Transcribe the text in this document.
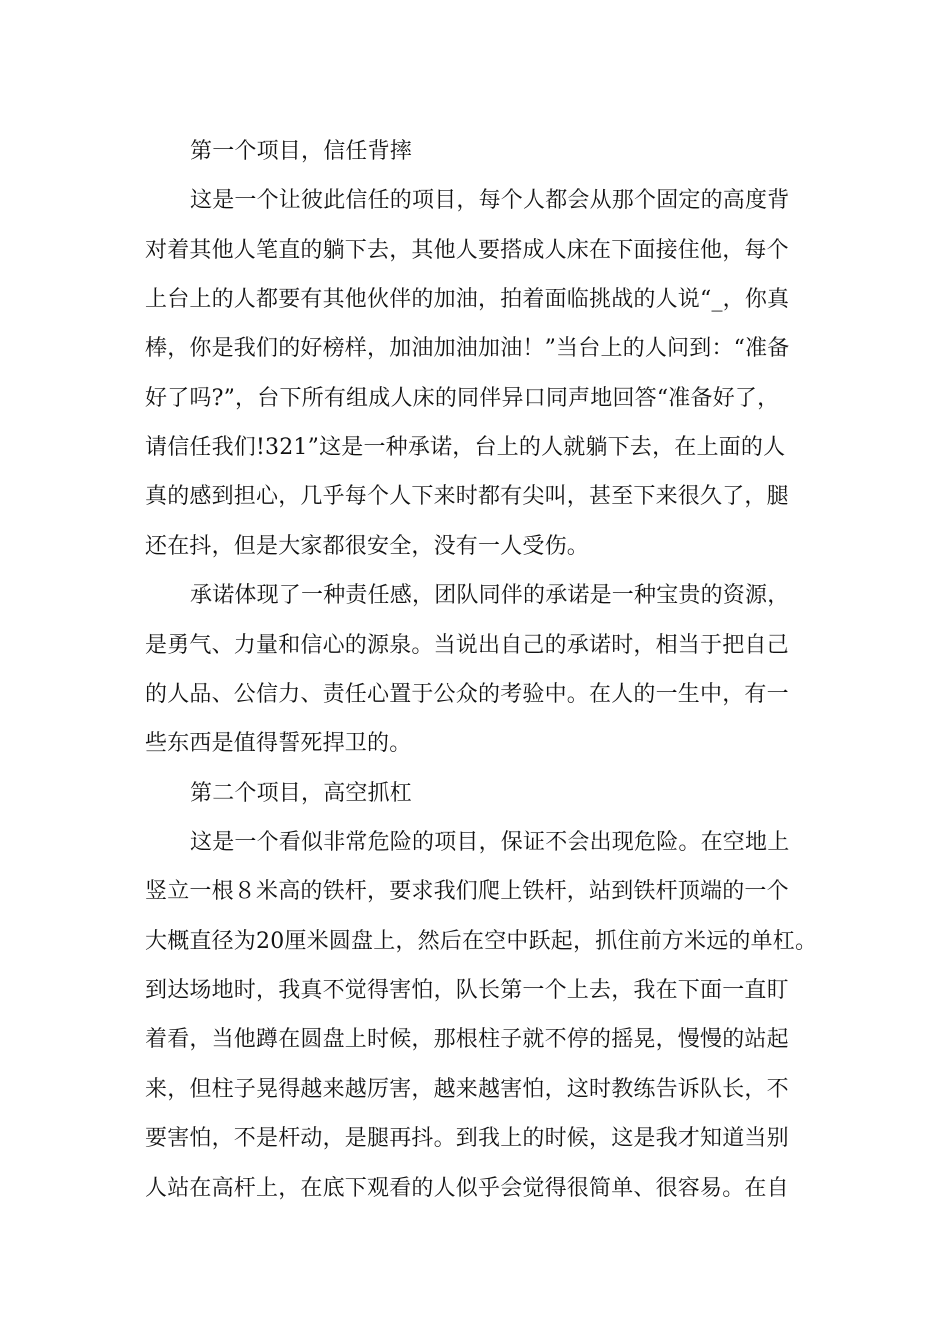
第一个项目，信任背摔
这是一个让彼此信任的项目，每个人都会从那个固定的高度背
对着其他人笔直的躺下去，其他人要搭成人床在下面接住他，每个
上台上的人都要有其他伙伴的加油，拍着面临挑战的人说“_，你真
棒，你是我们的好榜样，加油加油加油！”当台上的人问到：“准备
好了吗?”，台下所有组成人床的同伴异口同声地回答“准备好了，
请信任我们!321”这是一种承诺，台上的人就躺下去，在上面的人
真的感到担心，几乎每个人下来时都有尖叫，甚至下来很久了，腿
还在抖，但是大家都很安全，没有一人受伤。
承诺体现了一种责任感，团队同伴的承诺是一种宝贵的资源，
是勇气、力量和信心的源泉。当说出自己的承诺时，相当于把自己
的人品、公信力、责任心置于公众的考验中。在人的一生中，有一
些东西是值得誓死捍卫的。
第二个项目，高空抓杠
这是一个看似非常危险的项目，保证不会出现危险。在空地上
竖立一根８米高的铁杆，要求我们爬上铁杆，站到铁杆顶端的一个
大概直径为20厘米圆盘上，然后在空中跃起，抓住前方米远的单杠。
到达场地时，我真不觉得害怕，队长第一个上去，我在下面一直盯
着看，当他蹲在圆盘上时候，那根柱子就不停的摇晃，慢慢的站起
来，但柱子晃得越来越厉害，越来越害怕，这时教练告诉队长，不
要害怕，不是杆动，是腿再抖。到我上的时候，这是我才知道当别
人站在高杆上，在底下观看的人似乎会觉得很简单、很容易。在自
